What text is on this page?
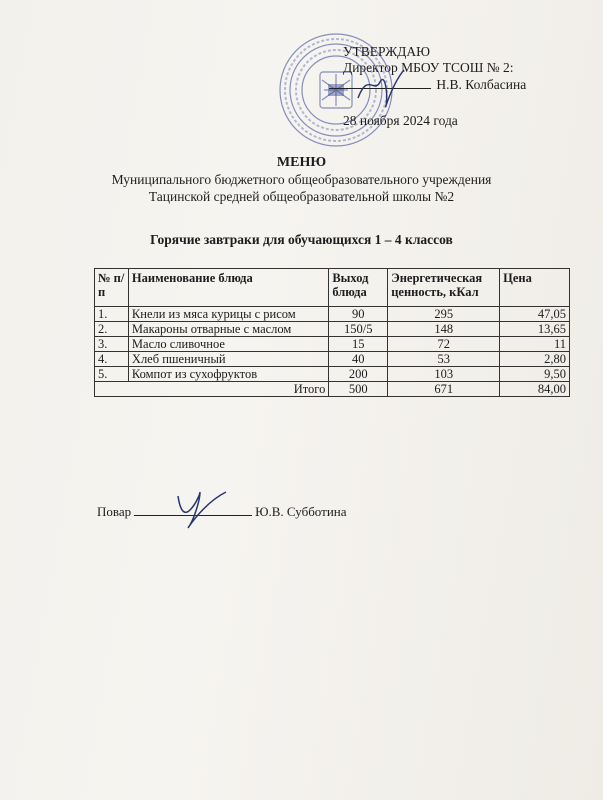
УТВЕРЖДАЮ
Директор МБОУ ТСОШ № 2:
Н.В. Колбасина
28 ноября 2024 года
МЕНЮ
Муниципального бюджетного общеобразовательного учреждения
Тацинской средней общеобразовательной школы №2
Горячие завтраки для обучающихся 1 – 4 классов
№ п/п	Наименование блюда	Выход блюда	Энергетическая ценность, кКал	Цена
1.	Кнели из мяса курицы с рисом	90	295	47,05
2.	Макароны отварные с маслом	150/5	148	13,65
3.	Масло сливочное	15	72	11
4.	Хлеб пшеничный	40	53	2,80
5.	Компот из сухофруктов	200	103	9,50
Итого		500	671	84,00
Повар	Ю.В. Субботина
